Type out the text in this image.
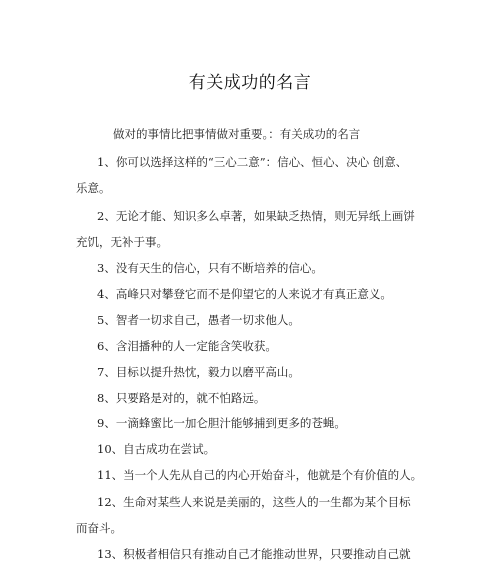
有关成功的名言
做对的事情比把事情做对重要。：有关成功的名言
1、你可以选择这样的“三心二意”：信心、恒心、决心 创意、
乐意。
2、无论才能、知识多么卓著，如果缺乏热情，则无异纸上画饼
充饥，无补于事。
3、没有天生的信心，只有不断培养的信心。
4、高峰只对攀登它而不是仰望它的人来说才有真正意义。
5、智者一切求自己，愚者一切求他人。
6、含泪播种的人一定能含笑收获。
7、目标以提升热忱，毅力以磨平高山。
8、只要路是对的，就不怕路远。
9、一滴蜂蜜比一加仑胆汁能够捕到更多的苍蝇。
10、自古成功在尝试。
11、当一个人先从自己的内心开始奋斗，他就是个有价值的人。
12、生命对某些人来说是美丽的，这些人的一生都为某个目标
而奋斗。
13、积极者相信只有推动自己才能推动世界，只要推动自己就
